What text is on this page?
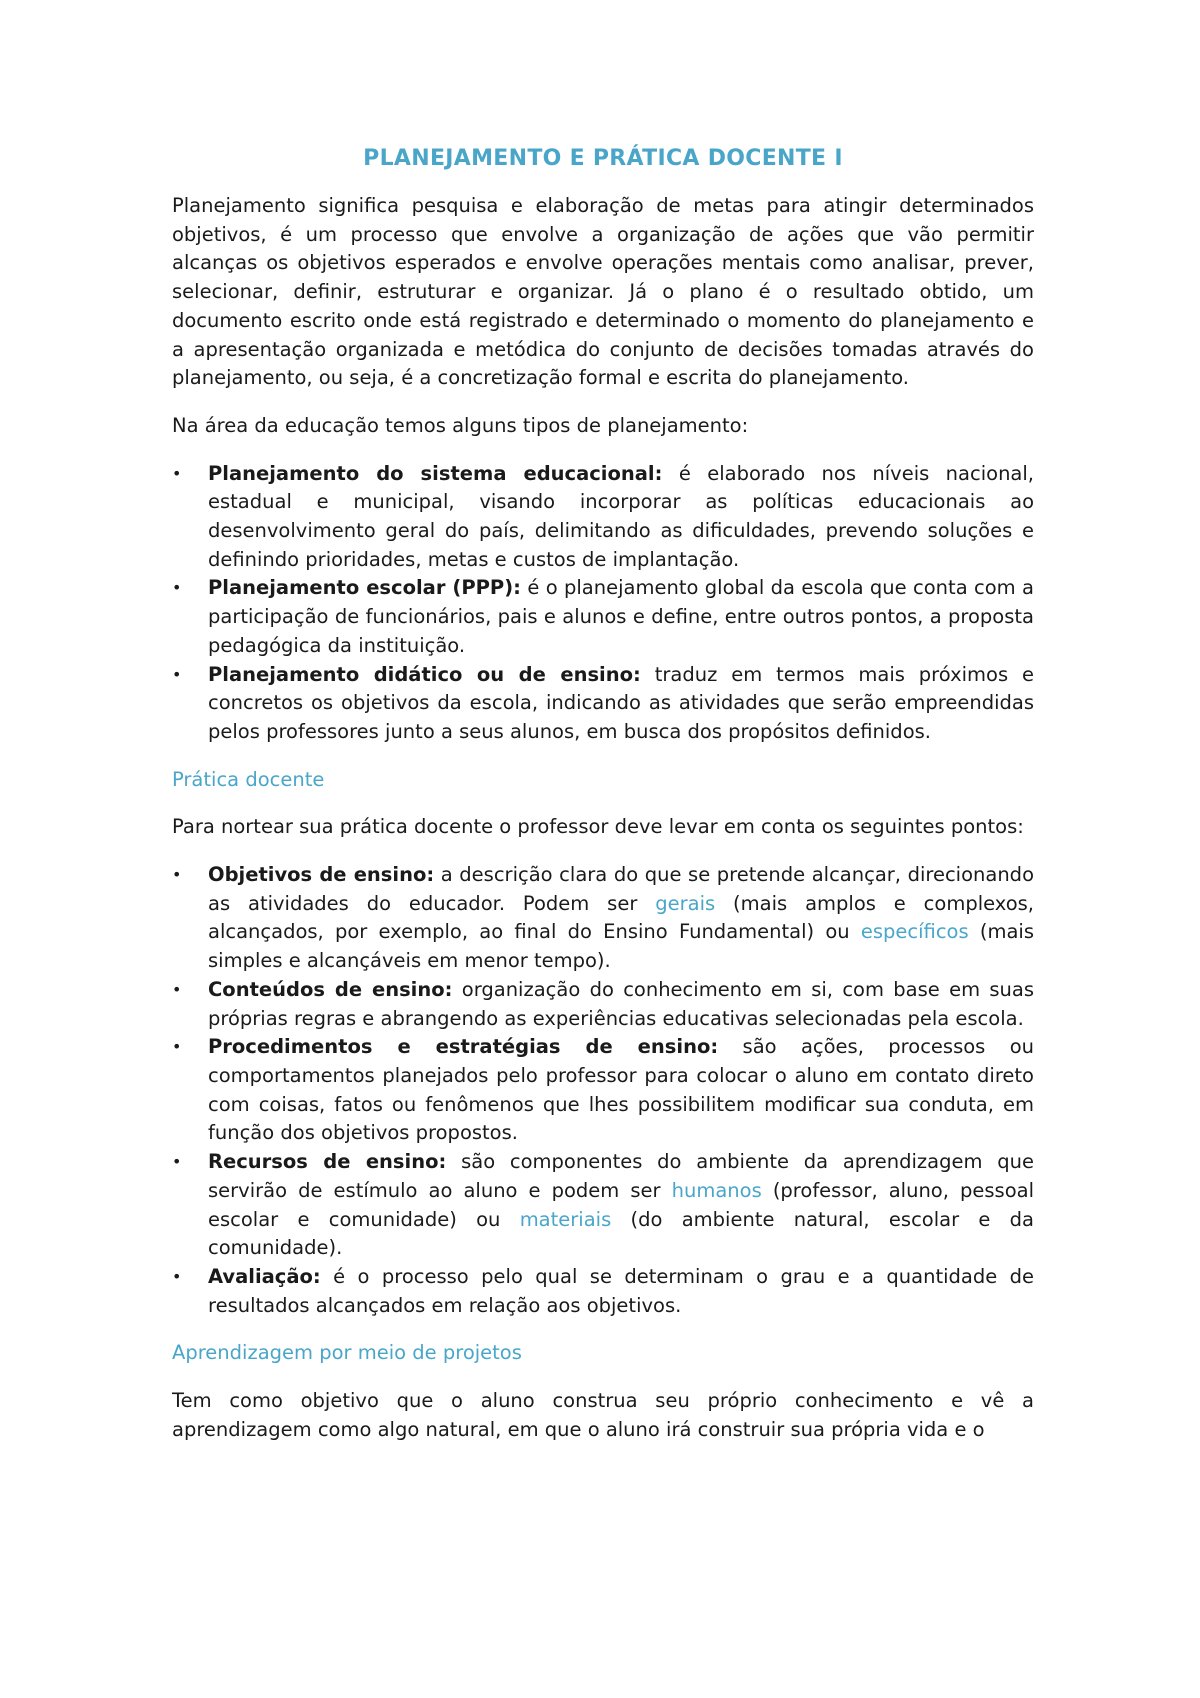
PLANEJAMENTO E PRÁTICA DOCENTE I

Planejamento significa pesquisa e elaboração de metas para atingir determinados objetivos, é um processo que envolve a organização de ações que vão permitir alcanças os objetivos esperados e envolve operações mentais como analisar, prever, selecionar, definir, estruturar e organizar. Já o plano é o resultado obtido, um documento escrito onde está registrado e determinado o momento do planejamento e a apresentação organizada e metódica do conjunto de decisões tomadas através do planejamento, ou seja, é a concretização formal e escrita do planejamento.

Na área da educação temos alguns tipos de planejamento:

•	Planejamento do sistema educacional: é elaborado nos níveis nacional, estadual e municipal, visando incorporar as políticas educacionais ao desenvolvimento geral do país, delimitando as dificuldades, prevendo soluções e definindo prioridades, metas e custos de implantação.
•	Planejamento escolar (PPP): é o planejamento global da escola que conta com a participação de funcionários, pais e alunos e define, entre outros pontos, a proposta pedagógica da instituição.
•	Planejamento didático ou de ensino: traduz em termos mais próximos e concretos os objetivos da escola, indicando as atividades que serão empreendidas pelos professores junto a seus alunos, em busca dos propósitos definidos.
Prática docente

Para nortear sua prática docente o professor deve levar em conta os seguintes pontos:

•	Objetivos de ensino: a descrição clara do que se pretende alcançar, direcionando as atividades do educador. Podem ser gerais (mais amplos e complexos, alcançados, por exemplo, ao final do Ensino Fundamental) ou específicos (mais simples e alcançáveis em menor tempo).
•	Conteúdos de ensino: organização do conhecimento em si, com base em suas próprias regras e abrangendo as experiências educativas selecionadas pela escola.
•	Procedimentos e estratégias de ensino: são ações, processos ou comportamentos planejados pelo professor para colocar o aluno em contato direto com coisas, fatos ou fenômenos que lhes possibilitem modificar sua conduta, em função dos objetivos propostos.
•	Recursos de ensino: são componentes do ambiente da aprendizagem que servirão de estímulo ao aluno e podem ser humanos (professor, aluno, pessoal escolar e comunidade) ou materiais (do ambiente natural, escolar e da comunidade).
•	Avaliação: é o processo pelo qual se determinam o grau e a quantidade de resultados alcançados em relação aos objetivos.
Aprendizagem por meio de projetos

Tem como objetivo que o aluno construa seu próprio conhecimento e vê a aprendizagem como algo natural, em que o aluno irá construir sua própria vida e o
